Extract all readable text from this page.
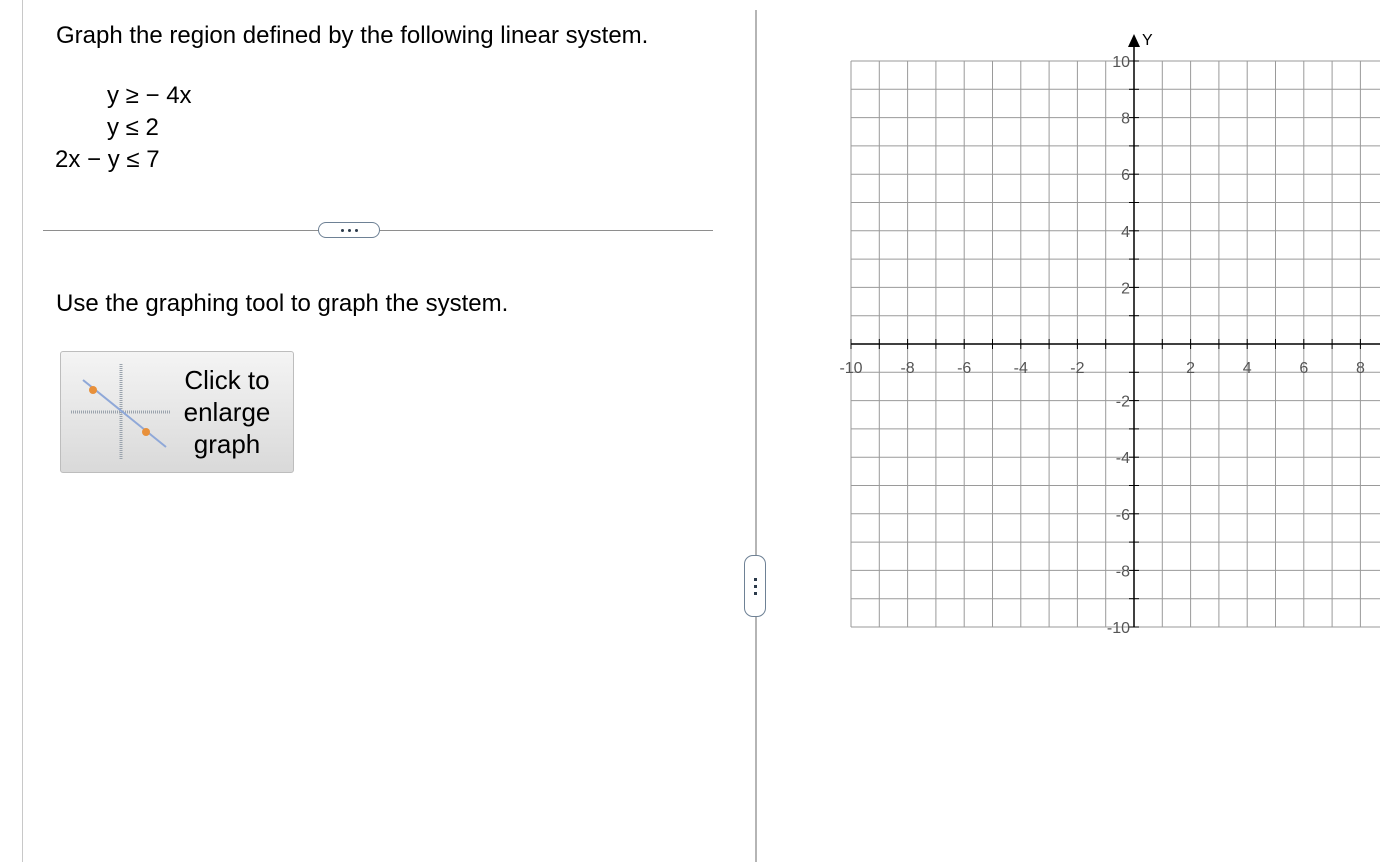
Graph the region defined by the following linear system.
y ≥ − 4x
y ≤ 2
2x − y ≤ 7
Use the graphing tool to graph the system.
Click to
enlarge
graph
Y
-10 -8	-6	-4	-2	2	4	6	8
10
8
6
4
2
-2
-4
-6
-8
-10
